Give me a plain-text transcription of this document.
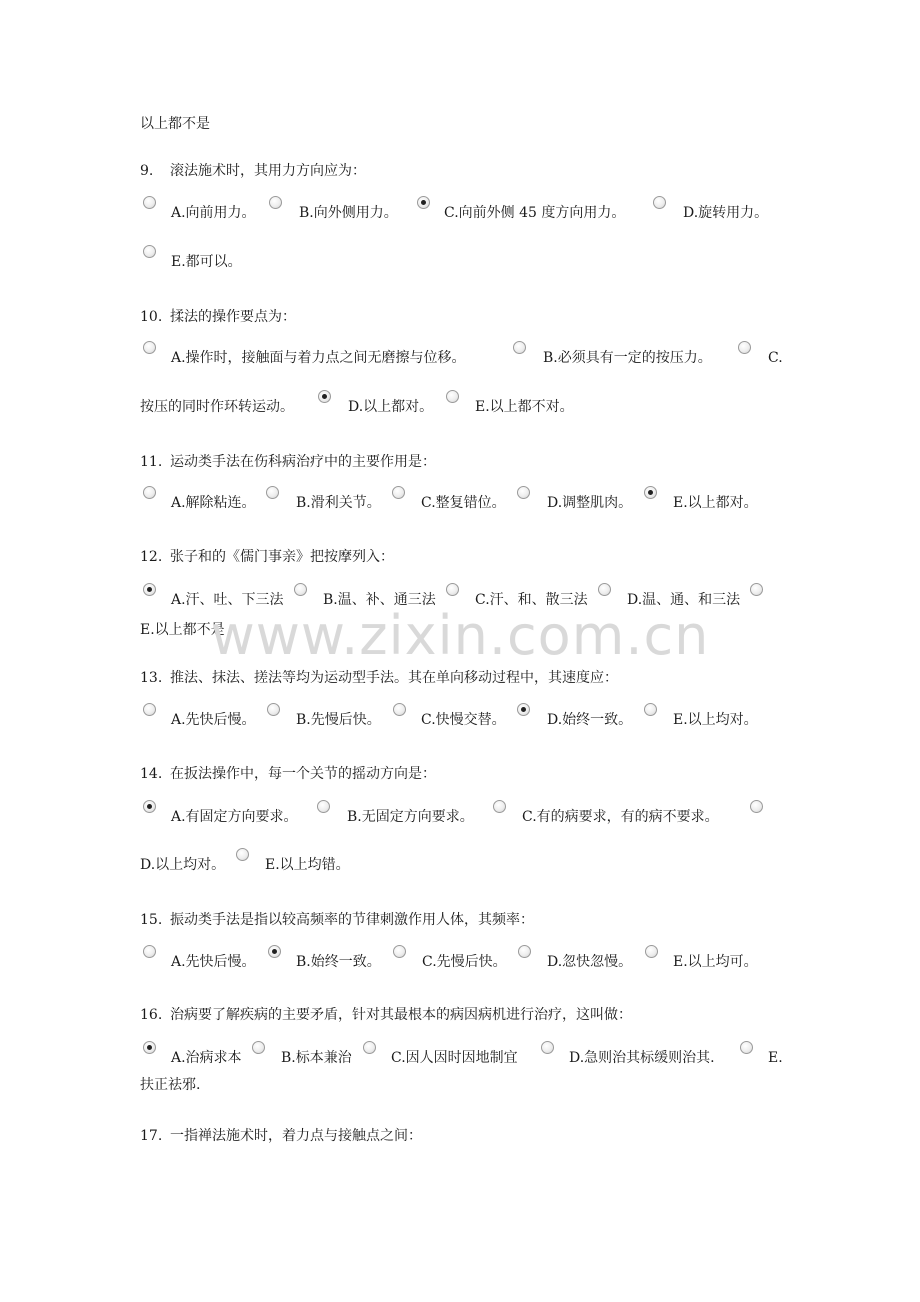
以上都不是
9. 滚法施术时，其用力方向应为：
A.向前用力。	B.向外侧用力。	C.向前外侧 45 度方向用力。	D.旋转用力。
E.都可以。
10. 揉法的操作要点为：
A.操作时，接触面与着力点之间无磨擦与位移。	B.必须具有一定的按压力。	C.
按压的同时作环转运动。	D.以上都对。	E.以上都不对。
11. 运动类手法在伤科病治疗中的主要作用是：
A.解除粘连。	B.滑利关节。	C.整复错位。	D.调整肌肉。	E.以上都对。
12. 张子和的《儒门事亲》把按摩列入：
A.汗、吐、下三法	B.温、补、通三法	C.汗、和、散三法	D.温、通、和三法
E.以上都不是
www.zixin.com.cn
13. 推法、抹法、搓法等均为运动型手法。其在单向移动过程中，其速度应：
A.先快后慢。	B.先慢后快。	C.快慢交替。	D.始终一致。	E.以上均对。
14. 在扳法操作中，每一个关节的摇动方向是：
A.有固定方向要求。	B.无固定方向要求。	C.有的病要求，有的病不要求。
D.以上均对。	E.以上均错。
15. 振动类手法是指以较高频率的节律刺激作用人体，其频率：
A.先快后慢。	B.始终一致。	C.先慢后快。	D.忽快忽慢。	E.以上均可。
16. 治病要了解疾病的主要矛盾，针对其最根本的病因病机进行治疗，这叫做：
A.治病求本	B.标本兼治	C.因人因时因地制宜	D.急则治其标缓则治其.	E.
扶正祛邪.
17. 一指禅法施术时，着力点与接触点之间：
